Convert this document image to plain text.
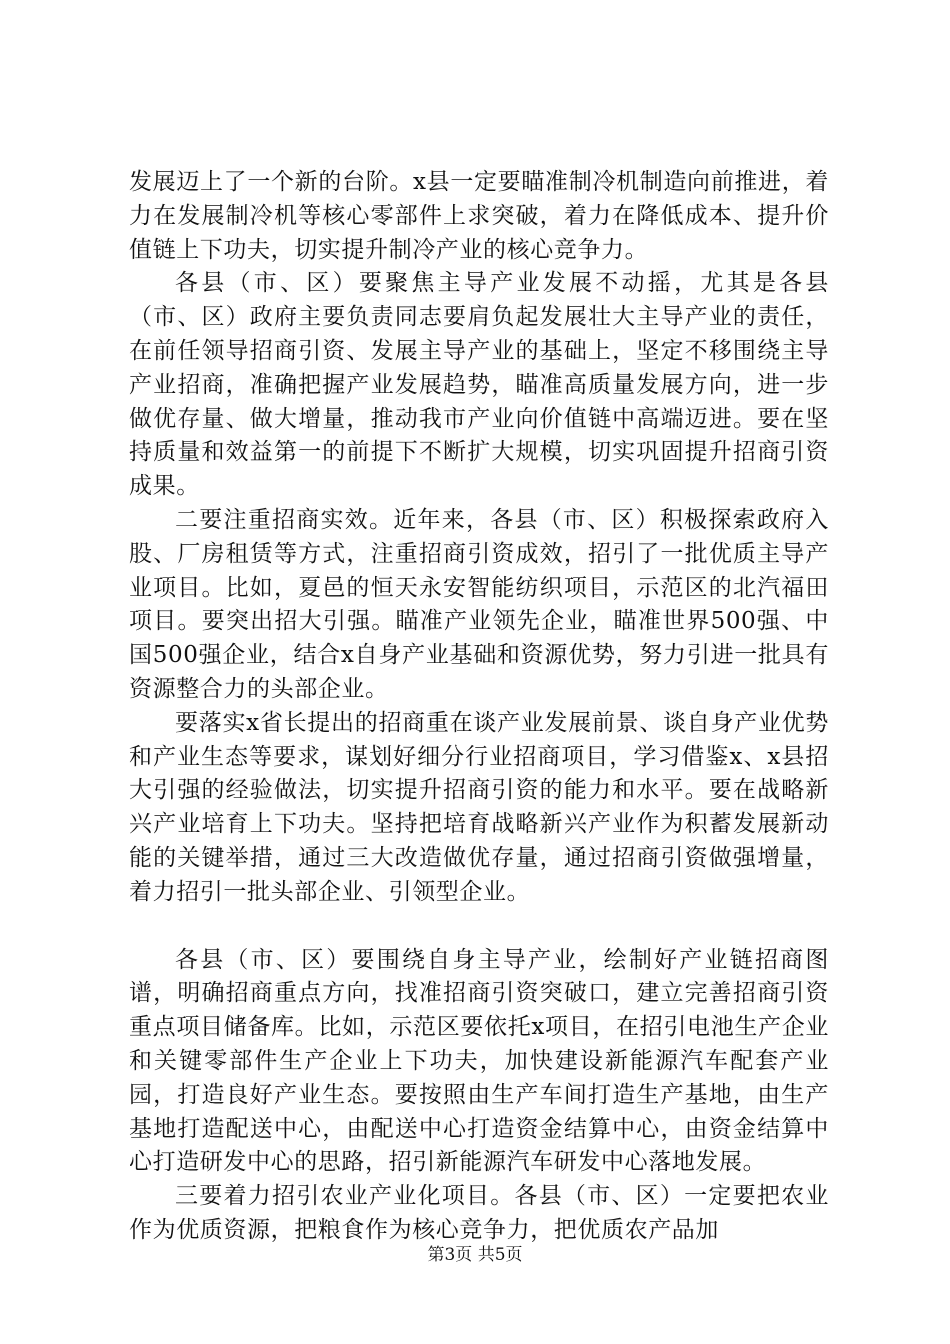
发展迈上了一个新的台阶。x县一定要瞄准制冷机制造向前推进，着力在发展制冷机等核心零部件上求突破，着力在降低成本、提升价值链上下功夫，切实提升制冷产业的核心竞争力。

各县（市、区）要聚焦主导产业发展不动摇，尤其是各县（市、区）政府主要负责同志要肩负起发展壮大主导产业的责任，在前任领导招商引资、发展主导产业的基础上，坚定不移围绕主导产业招商，准确把握产业发展趋势，瞄准高质量发展方向，进一步做优存量、做大增量，推动我市产业向价值链中高端迈进。要在坚持质量和效益第一的前提下不断扩大规模，切实巩固提升招商引资成果。

二要注重招商实效。近年来，各县（市、区）积极探索政府入股、厂房租赁等方式，注重招商引资成效，招引了一批优质主导产业项目。比如，夏邑的恒天永安智能纺织项目，示范区的北汽福田项目。要突出招大引强。瞄准产业领先企业，瞄准世界500强、中国500强企业，结合x自身产业基础和资源优势，努力引进一批具有资源整合力的头部企业。

要落实x省长提出的招商重在谈产业发展前景、谈自身产业优势和产业生态等要求，谋划好细分行业招商项目，学习借鉴x、x县招大引强的经验做法，切实提升招商引资的能力和水平。要在战略新兴产业培育上下功夫。坚持把培育战略新兴产业作为积蓄发展新动能的关键举措，通过三大改造做优存量，通过招商引资做强增量，着力招引一批头部企业、引领型企业。

各县（市、区）要围绕自身主导产业，绘制好产业链招商图谱，明确招商重点方向，找准招商引资突破口，建立完善招商引资重点项目储备库。比如，示范区要依托x项目，在招引电池生产企业和关键零部件生产企业上下功夫，加快建设新能源汽车配套产业园，打造良好产业生态。要按照由生产车间打造生产基地，由生产基地打造配送中心，由配送中心打造资金结算中心，由资金结算中心打造研发中心的思路，招引新能源汽车研发中心落地发展。

三要着力招引农业产业化项目。各县（市、区）一定要把农业作为优质资源，把粮食作为核心竞争力，把优质农产品加

第3页 共5页
